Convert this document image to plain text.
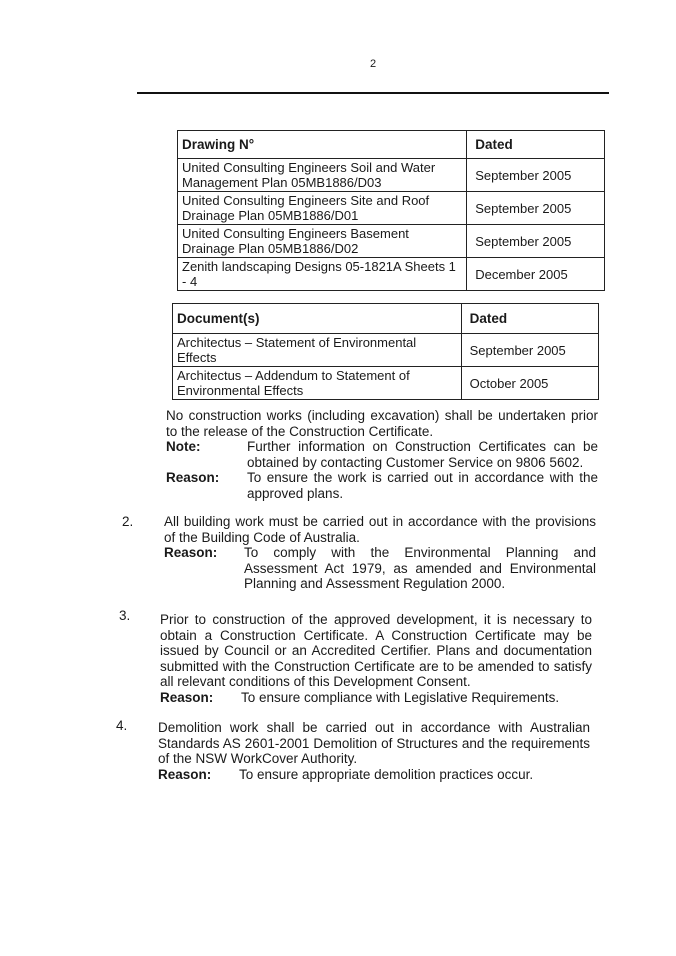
2
Drawing N°	Dated
United Consulting Engineers Soil and Water Management Plan 05MB1886/D03	September 2005
United Consulting Engineers Site and Roof Drainage Plan 05MB1886/D01	September 2005
United Consulting Engineers Basement Drainage Plan 05MB1886/D02	September 2005
Zenith landscaping Designs 05-1821A Sheets 1 - 4	December 2005
Document(s)	Dated
Architectus – Statement of Environmental Effects	September 2005
Architectus – Addendum to Statement of Environmental Effects	October 2005
No construction works (including excavation) shall be undertaken prior to the release of the Construction Certificate.
Note:	Further information on Construction Certificates can be obtained by contacting Customer Service on 9806 5602.
Reason:	To ensure the work is carried out in accordance with the approved plans.
2. All building work must be carried out in accordance with the provisions of the Building Code of Australia.
Reason:	To comply with the Environmental Planning and Assessment Act 1979, as amended and Environmental Planning and Assessment Regulation 2000.
3. Prior to construction of the approved development, it is necessary to obtain a Construction Certificate. A Construction Certificate may be issued by Council or an Accredited Certifier. Plans and documentation submitted with the Construction Certificate are to be amended to satisfy all relevant conditions of this Development Consent.
Reason:	To ensure compliance with Legislative Requirements.
4. Demolition work shall be carried out in accordance with Australian Standards AS 2601-2001 Demolition of Structures and the requirements of the NSW WorkCover Authority.
Reason:	To ensure appropriate demolition practices occur.
